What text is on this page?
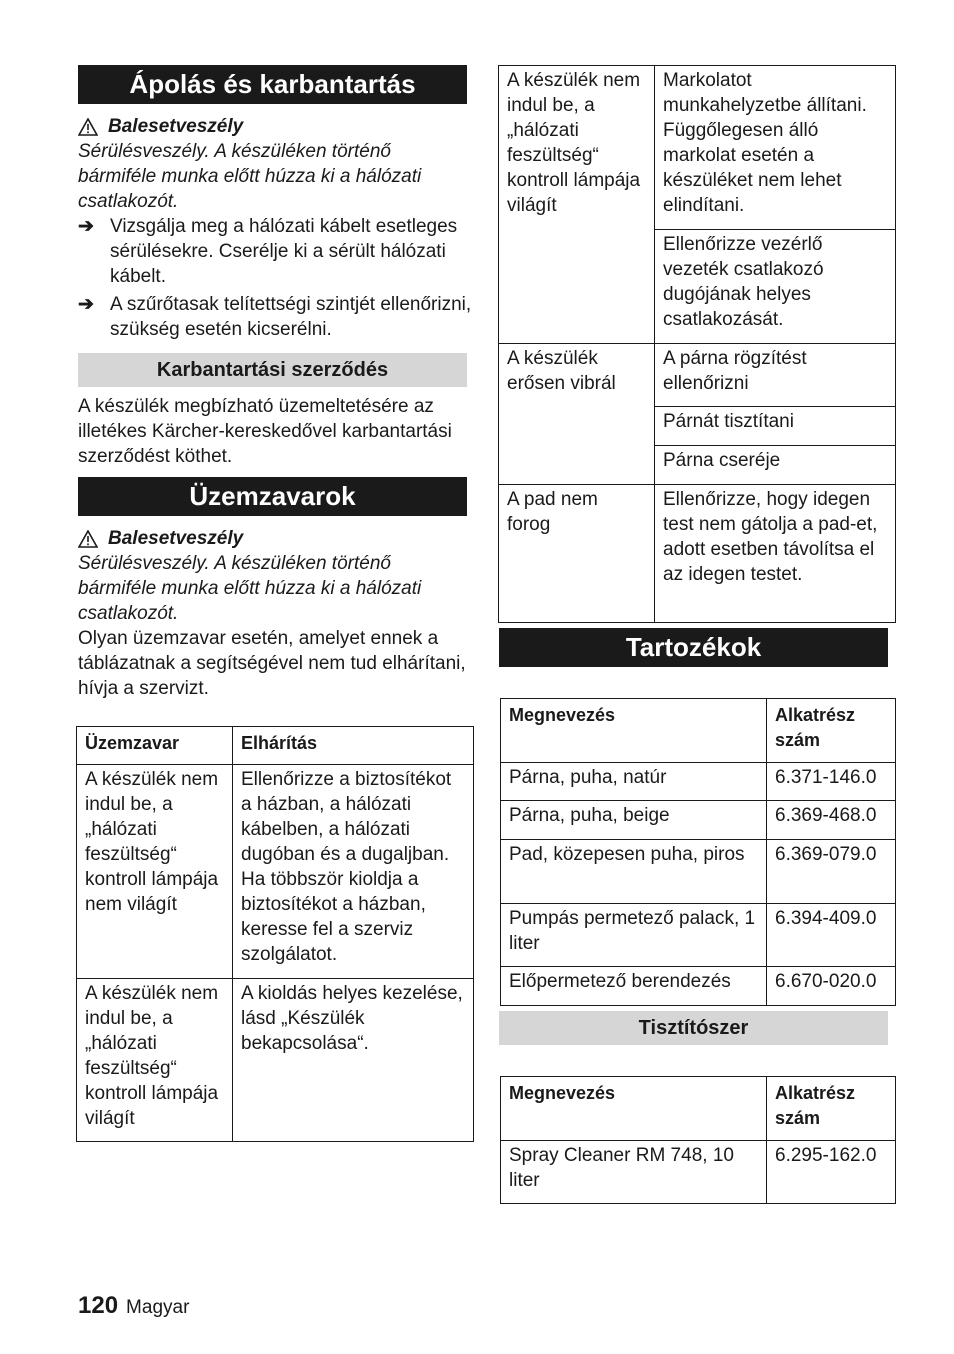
Ápolás és karbantartás
Balesetveszély
Sérülésveszély. A készüléken történő bármiféle munka előtt húzza ki a hálózati csatlakozót.
➔ Vizsgálja meg a hálózati kábelt esetleges sérülésekre. Cserélje ki a sérült hálózati kábelt.
➔ A szűrőtasak telítettségi szintjét ellenőrizni, szükség esetén kicserélni.
Karbantartási szerződés
A készülék megbízható üzemeltetésére az illetékes Kärcher-kereskedővel karbantartási szerződést köthet.
Üzemzavarok
Balesetveszély
Sérülésveszély. A készüléken történő bármiféle munka előtt húzza ki a hálózati csatlakozót.
Olyan üzemzavar esetén, amelyet ennek a táblázatnak a segítségével nem tud elhárítani, hívja a szervizt.
Üzemzavar	Elhárítás
A készülék nem indul be, a „hálózati feszültség“ kontroll lámpája nem világít	Ellenőrizze a biztosítékot a házban, a hálózati kábelben, a hálózati dugóban és a dugaljban. Ha többször kioldja a biztosítékot a házban, keresse fel a szerviz szolgálatot.
A készülék nem indul be, a „hálózati feszültség“ kontroll lámpája világít	A kioldás helyes kezelése, lásd „Készülék bekapcsolása“.
A készülék nem indul be, a „hálózati feszültség“ kontroll lámpája világít	Markolatot munkahelyzetbe állítani. Függőlegesen álló markolat esetén a készüléket nem lehet elindítani.
	Ellenőrizze vezérlő vezeték csatlakozó dugójának helyes csatlakozását.
A készülék erősen vibrál	A párna rögzítést ellenőrizni
	Párnát tisztítani
	Párna cseréje
A pad nem forog	Ellenőrizze, hogy idegen test nem gátolja a pad-et, adott esetben távolítsa el az idegen testet.
Tartozékok
Megnevezés	Alkatrész szám
Párna, puha, natúr	6.371-146.0
Párna, puha, beige	6.369-468.0
Pad, közepesen puha, piros	6.369-079.0
Pumpás permetező palack, 1 liter	6.394-409.0
Előpermetező berendezés	6.670-020.0
Tisztítószer
Megnevezés	Alkatrész szám
Spray Cleaner RM 748, 10 liter	6.295-162.0
120 Magyar
